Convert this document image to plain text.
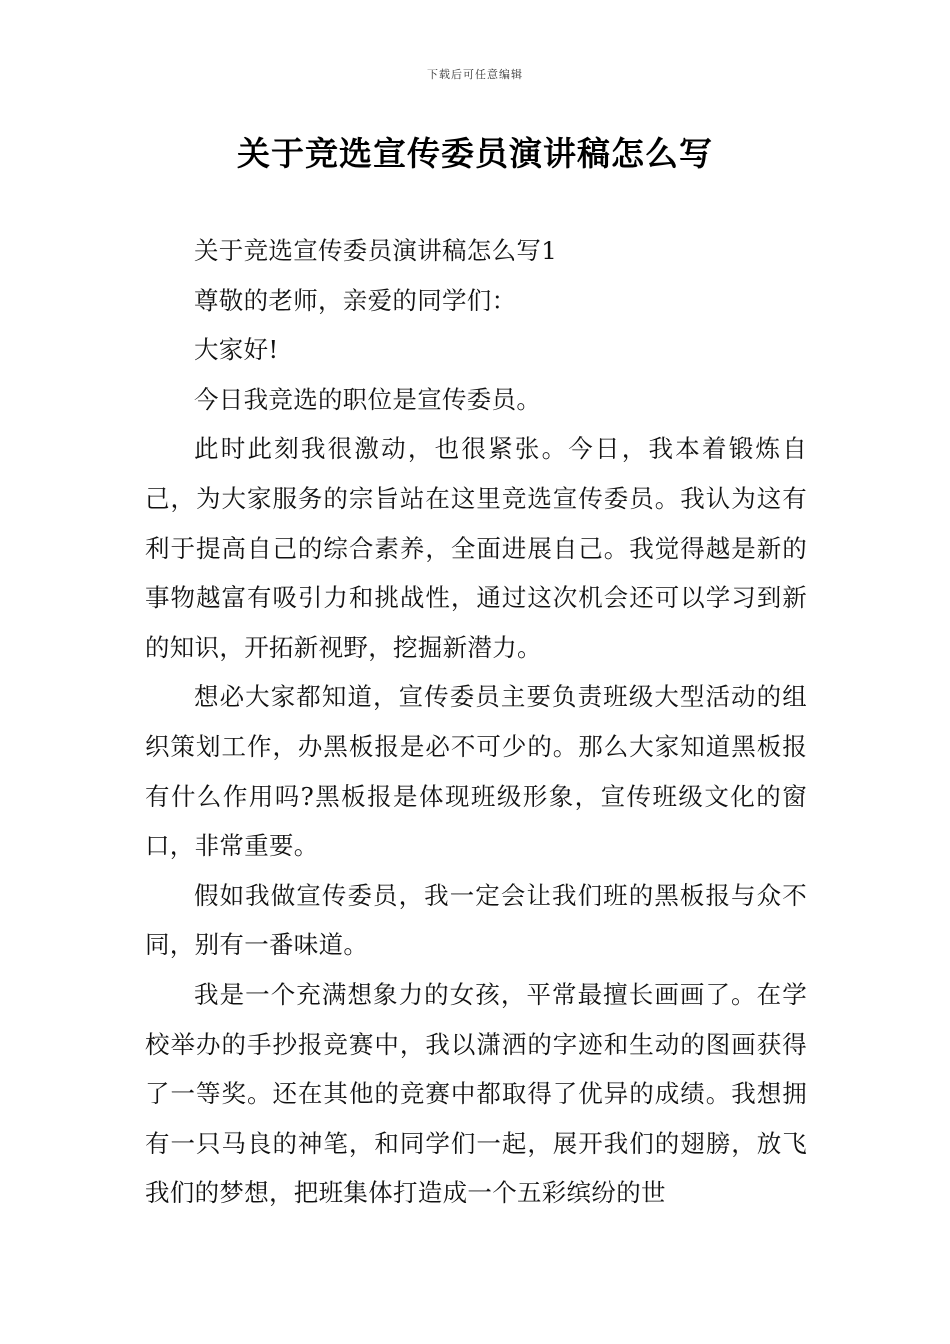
下载后可任意编辑
关于竞选宣传委员演讲稿怎么写

关于竞选宣传委员演讲稿怎么写1

尊敬的老师，亲爱的同学们：

大家好!

今日我竞选的职位是宣传委员。

此时此刻我很激动，也很紧张。今日，我本着锻炼自己，为大家服务的宗旨站在这里竞选宣传委员。我认为这有利于提高自己的综合素养，全面进展自己。我觉得越是新的事物越富有吸引力和挑战性，通过这次机会还可以学习到新的知识，开拓新视野，挖掘新潜力。

想必大家都知道，宣传委员主要负责班级大型活动的组织策划工作，办黑板报是必不可少的。那么大家知道黑板报有什么作用吗?黑板报是体现班级形象，宣传班级文化的窗口，非常重要。

假如我做宣传委员，我一定会让我们班的黑板报与众不同，别有一番味道。

我是一个充满想象力的女孩，平常最擅长画画了。在学校举办的手抄报竞赛中，我以潇洒的字迹和生动的图画获得了一等奖。还在其他的竞赛中都取得了优异的成绩。我想拥有一只马良的神笔，和同学们一起，展开我们的翅膀，放飞我们的梦想，把班集体打造成一个五彩缤纷的世
